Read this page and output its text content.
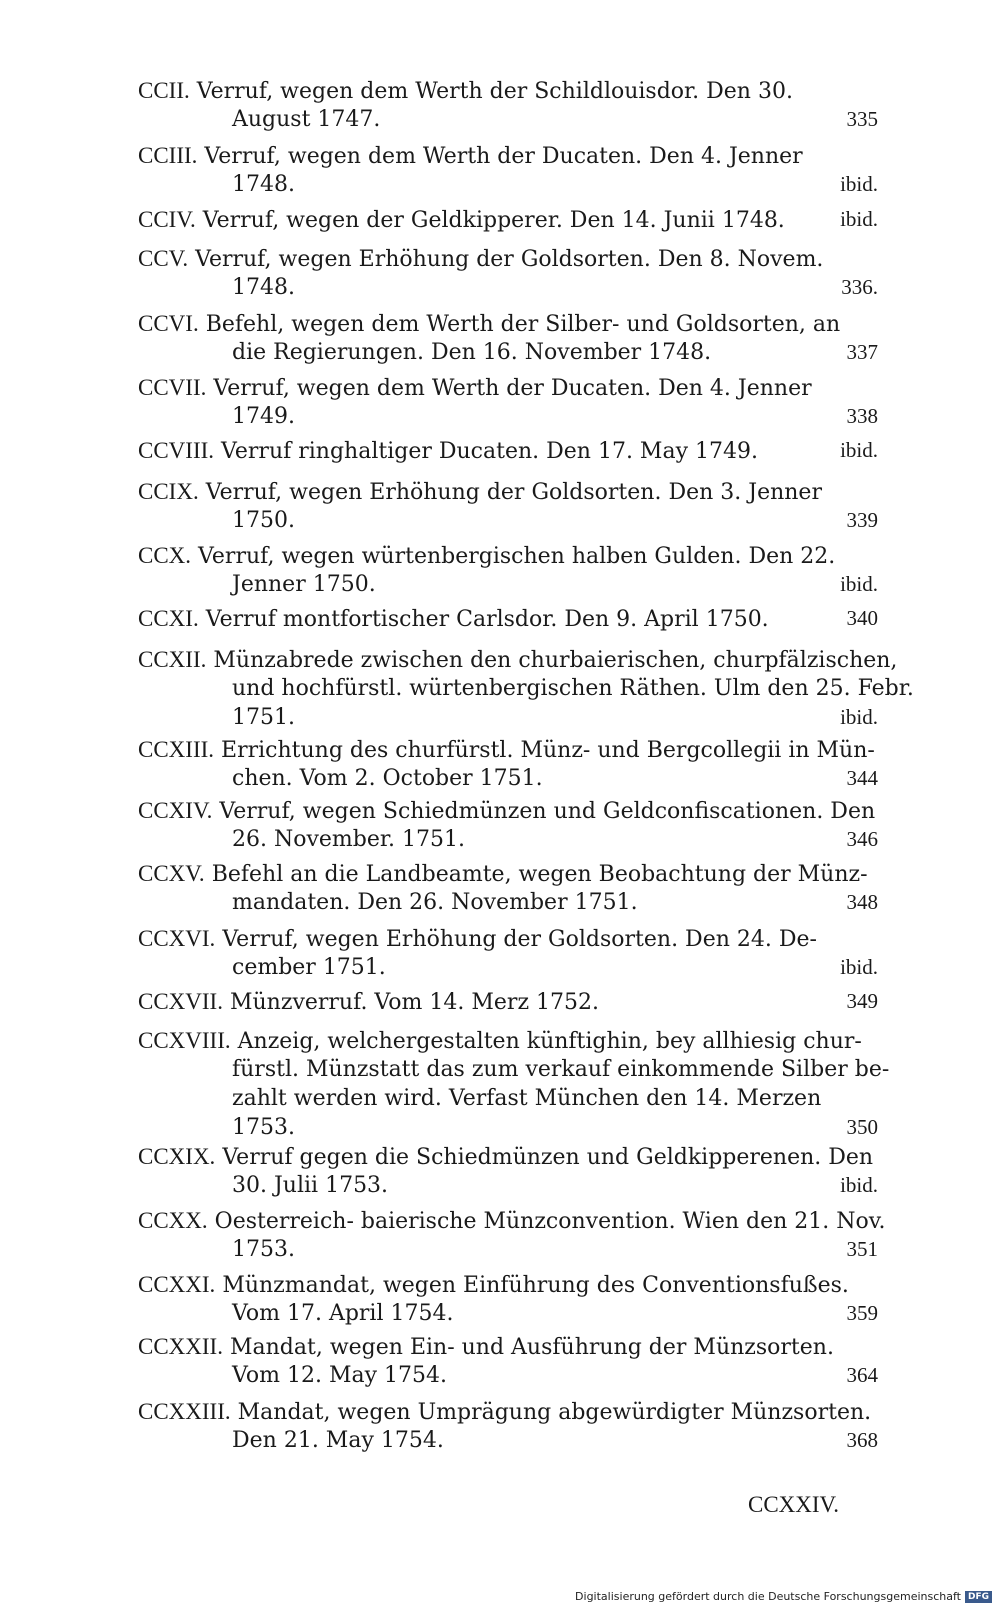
CCII. Verruf, wegen dem Werth der Schildlouisdor. Den 30.
August 1747.	335
CCIII. Verruf, wegen dem Werth der Ducaten. Den 4. Jenner
1748.	ibid.
CCIV. Verruf, wegen der Geldkipperer. Den 14. Junii 1748.	ibid.
CCV. Verruf, wegen Erhöhung der Goldsorten. Den 8. Novem.
1748.	336.
CCVI. Befehl, wegen dem Werth der Silber- und Goldsorten, an
die Regierungen. Den 16. November 1748.	337
CCVII. Verruf, wegen dem Werth der Ducaten. Den 4. Jenner
1749.	338
CCVIII. Verruf ringhaltiger Ducaten. Den 17. May 1749.	ibid.
CCIX. Verruf, wegen Erhöhung der Goldsorten. Den 3. Jenner
1750.	339
CCX. Verruf, wegen würtenbergischen halben Gulden. Den 22.
Jenner 1750.	ibid.
CCXI. Verruf montfortischer Carlsdor. Den 9. April 1750.	340
CCXII. Münzabrede zwischen den churbaierischen, churpfälzischen,
und hochfürstl. würtenbergischen Räthen. Ulm den 25. Febr.
1751.	ibid.
CCXIII. Errichtung des churfürstl. Münz- und Bergcollegii in Mün-
chen. Vom 2. October 1751.	344
CCXIV. Verruf, wegen Schiedmünzen und Geldconfiscationen. Den
26. November. 1751.	346
CCXV. Befehl an die Landbeamte, wegen Beobachtung der Münz-
mandaten. Den 26. November 1751.	348
CCXVI. Verruf, wegen Erhöhung der Goldsorten. Den 24. De-
cember 1751.	ibid.
CCXVII. Münzverruf. Vom 14. Merz 1752.	349
CCXVIII. Anzeig, welchergestalten künftighin, bey allhiesig chur-
fürstl. Münzstatt das zum verkauf einkommende Silber be-
zahlt werden wird. Verfast München den 14. Merzen
1753.	350
CCXIX. Verruf gegen die Schiedmünzen und Geldkipperenen. Den
30. Julii 1753.	ibid.
CCXX. Oesterreich- baierische Münzconvention. Wien den 21. Nov.
1753.	351
CCXXI. Münzmandat, wegen Einführung des Conventionsfußes.
Vom 17. April 1754.	359
CCXXII. Mandat, wegen Ein- und Ausführung der Münzsorten.
Vom 12. May 1754.	364
CCXXIII. Mandat, wegen Umprägung abgewürdigter Münzsorten.
Den 21. May 1754.	368
CCXXIV.
Digitalisierung gefördert durch die Deutsche Forschungsgemeinschaft DFG
